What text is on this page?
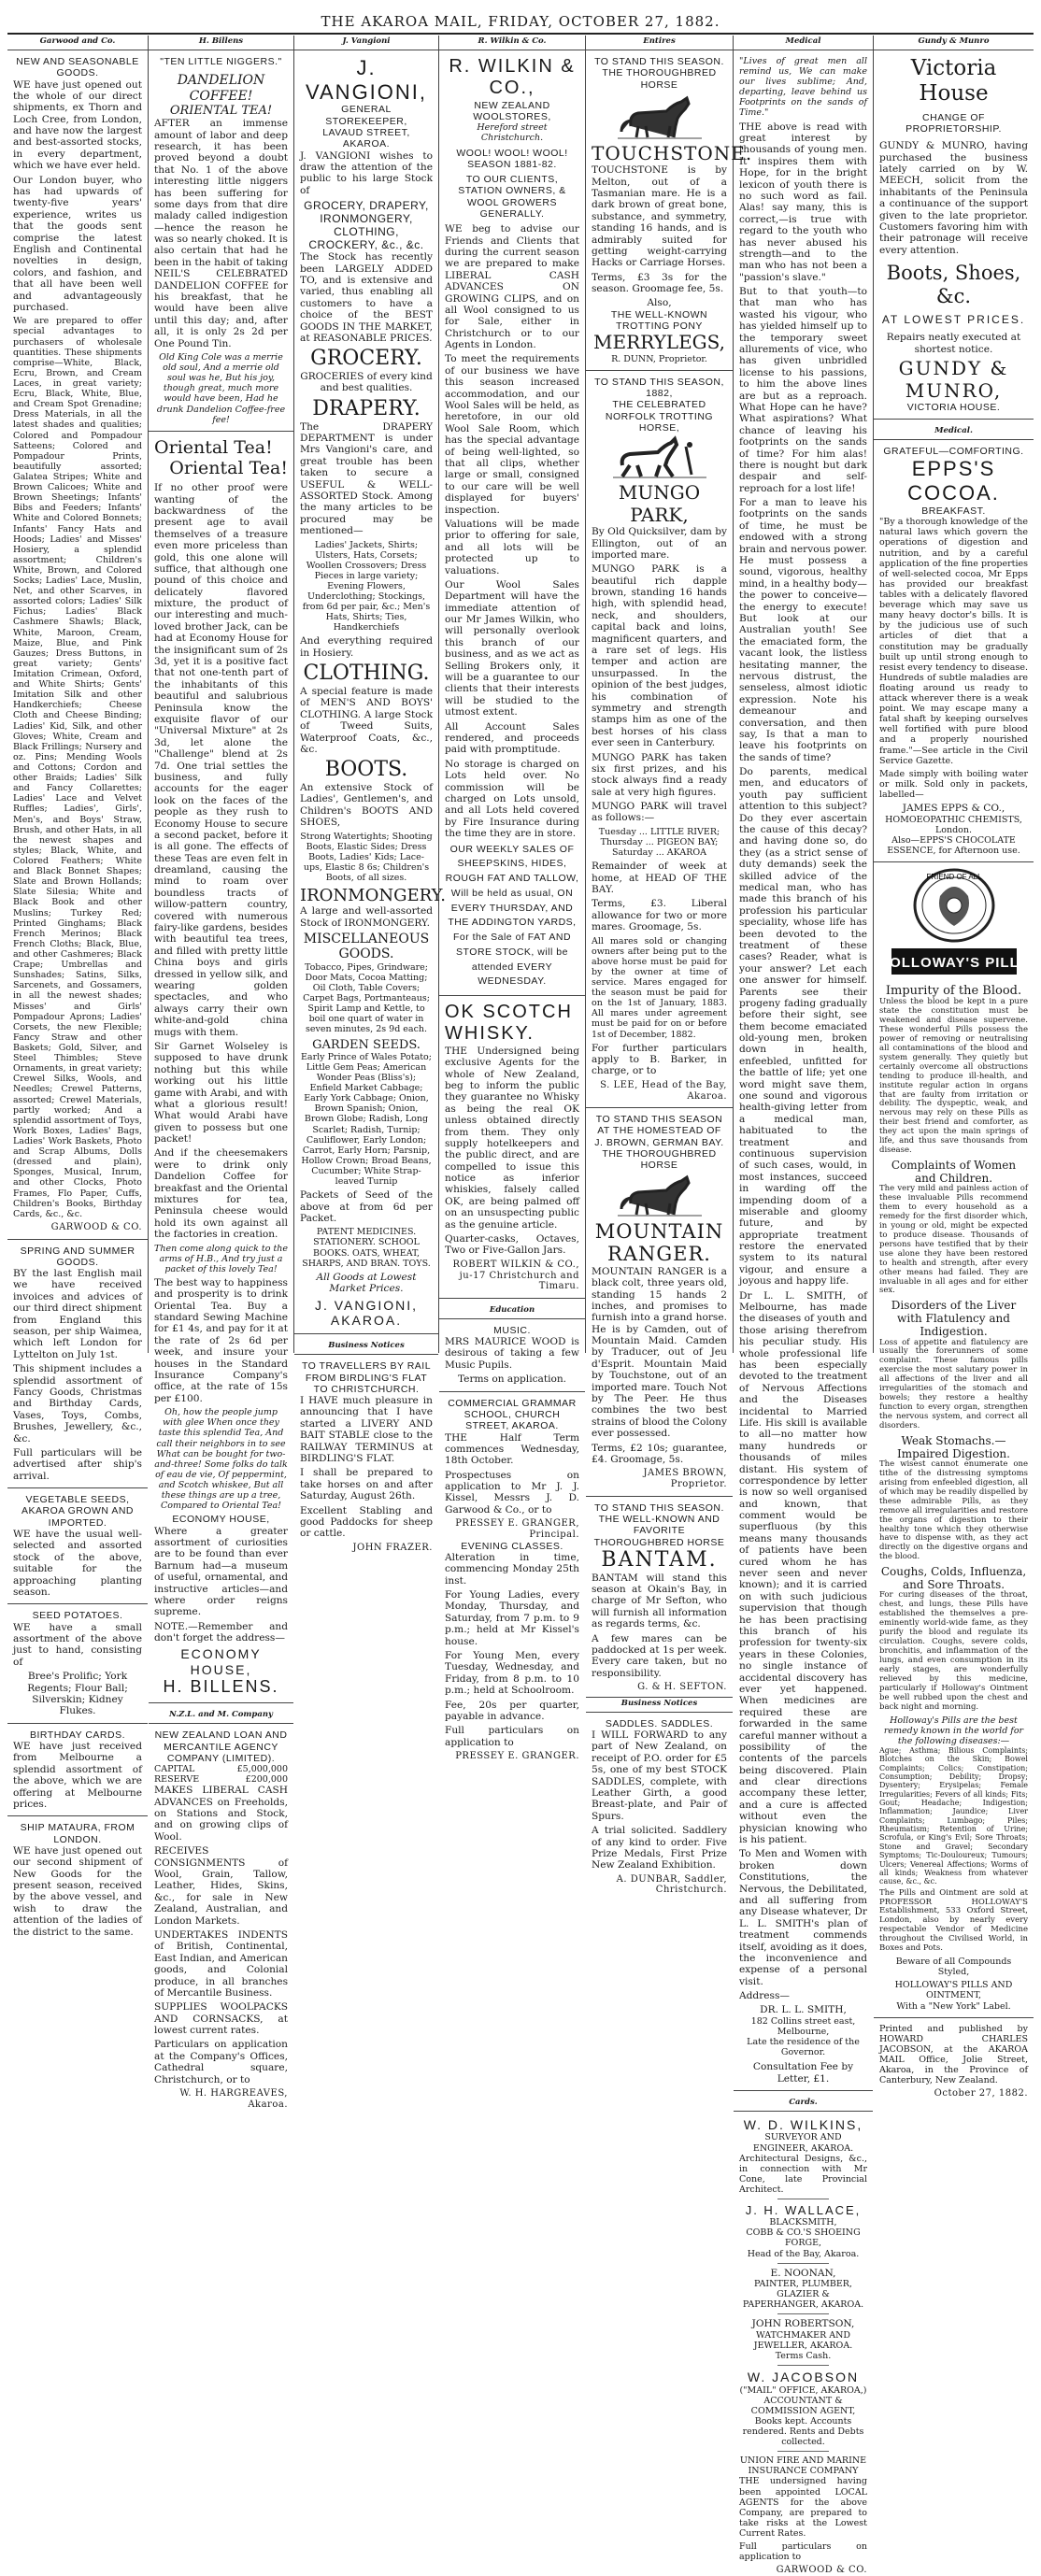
THE AKAROA MAIL, FRIDAY, OCTOBER 27, 1882.
Garwood and Co.
NEW AND SEASONABLE GOODS.

WE have just opened out the whole of our direct shipments, ex Thorn and Loch Cree, from London, and have now the largest and best-assorted stocks, in every department, which we have ever held.

Our London buyer, who has had upwards of twenty-five years' experience, writes us that the goods sent comprise the latest English and Continental novelties in design, colors, and fashion, and that all have been well and advantageously purchased.

We are prepared to offer special advantages to purchasers of wholesale quantities. These shipments comprise—White, Black, Ecru, Brown, and Cream Laces, in great variety; Ecru, Black, White, Blue, and Cream Spot Grenadine; Dress Materials, in all the latest shades and qualities; Colored and Pompadour Satteens; Colored and Pompadour Prints, beautifully assorted; Galatea Stripes; White and Brown Calicoes; White and Brown Sheetings; Infants' Bibs and Feeders; Infants' White and Colored Bonnets; Infants' Fancy Hats and Hoods; Ladies' and Misses' Hosiery, a splendid assortment; Children's White, Brown, and Colored Socks; Ladies' Lace, Muslin, Net, and other Scarves, in assorted colors; Ladies' Silk Fichus; Ladies' Black Cashmere Shawls; Black, White, Maroon, Cream, Maize, Blue, and Pink Gauzes; Dress Buttons, in great variety; Gents' Imitation Crimean, Oxford, and White Shirts; Gents' Imitation Silk and other Handkerchiefs; Cheese Cloth and Cheese Binding; Ladies' Kid, Silk, and other Gloves; White, Cream and Black Frillings; Nursery and oz. Pins; Mending Wools and Cottons; Cordon and other Braids; Ladies' Silk and Fancy Collarettes; Ladies' Lace and Velvet Ruffles; Ladies', Girls', Men's, and Boys' Straw, Brush, and other Hats, in all the newest shapes and styles; Black, White, and Colored Feathers; White and Black Bonnet Shapes; Slate and Brown Hollands; Slate Silesia; White and Black Book and other Muslins; Turkey Red; Printed Ginghams; Black French Merinos; Black French Cloths; Black, Blue, and other Cashmeres; Black Crape; Umbrellas and Sunshades; Satins, Silks, Sarcenets, and Gossamers, in all the newest shades; Misses' and Girls' Pompadour Aprons; Ladies' Corsets, the new Flexible; Fancy Straw and other Baskets; Gold, Silver, and Steel Thimbles; Steve Ornaments, in great variety; Crewel Silks, Wools, and Needles; Crewel Patterns, assorted; Crewel Materials, partly worked; And a splendid assortment of Toys, Work Boxes, Ladies' Bags, Ladies' Work Baskets, Photo and Scrap Albums, Dolls (dressed and plain), Sponges, Musical, Inrum, and other Clocks, Photo Frames, Flo Paper, Cuffs, Children's Books, Birthday Cards, &c., &c.

GARWOOD & CO.
SPRING AND SUMMER GOODS.

BY the last English mail we have received invoices and advices of our third direct shipment from England this season, per ship Waimea, which left London for Lyttelton on July 1st.

This shipment includes a splendid assortment of Fancy Goods, Christmas and Birthday Cards, Vases, Toys, Combs, Brushes, Jewellery, &c., &c.

Full particulars will be advertised after ship's arrival.

VEGETABLE SEEDS, AKAROA GROWN AND IMPORTED.

WE have the usual well-selected and assorted stock of the above, suitable for the approaching planting season.

SEED POTATOES.

WE have a small assortment of the above just to hand, consisting of

Bree's Prolific; York Regents; Flour Ball; Silverskin; Kidney Flukes.

BIRTHDAY CARDS.

WE have just received from Melbourne a splendid assortment of the above, which we are offering at Melbourne prices.

SHIP MATAURA, FROM LONDON.

WE have just opened out our second shipment of New Goods for the present season, received by the above vessel, and wish to draw the attention of the ladies of the district to the same.

H. Billens
"TEN LITTLE NIGGERS."
DANDELION COFFEE!
ORIENTAL TEA!

AFTER an immense amount of labor and deep research, it has been proved beyond a doubt that No. 1 of the above interesting little niggers has been suffering for some days from that dire malady called indigestion—hence the reason he was so nearly choked. It is also certain that had he been in the habit of taking NEIL'S CELEBRATED DANDELION COFFEE for his breakfast, that he would have been alive until this day; and, after all, it is only 2s 2d per One Pound Tin.

Old King Cole was a merrie old soul, And a merrie old soul was he, But his joy, though great, much more would have been, Had he drunk Dandelion Coffee-free fee!

Oriental Tea!
Oriental Tea!

If no other proof were wanting of the backwardness of the present age to avail themselves of a treasure even more priceless than gold, this one alone will suffice, that although one pound of this choice and delicately flavored mixture, the product of our interesting and much-loved brother Jack, can be had at Economy House for the insignificant sum of 2s 3d, yet it is a positive fact that not one-tenth part of the inhabitants of this beautiful and salubrious Peninsula know the exquisite flavor of our "Universal Mixture" at 2s 3d, let alone the "Challenge" blend at 2s 7d. One trial settles the business, and fully accounts for the eager look on the faces of the people as they rush to Economy House to secure a second packet, before it is all gone. The effects of these Teas are even felt in dreamland, causing the mind to roam over boundless tracts of willow-pattern country, covered with numerous fairy-like gardens, besides with beautiful tea trees, and filled with pretty little China boys and girls dressed in yellow silk, and wearing golden spectacles, and who always carry their own white-and-gold china mugs with them.

Sir Garnet Wolseley is supposed to have drunk nothing but this while working out his little game with Arabi, and with what a glorious result! What would Arabi have given to possess but one packet!

And if the cheesemakers were to drink only Dandelion Coffee for breakfast and the Oriental mixtures for tea, Peninsula cheese would hold its own against all the factories in creation.

Then come along quick to the arms of H.B., And try just a packet of this lovely Tea!

The best way to happiness and prosperity is to drink Oriental Tea. Buy a standard Sewing Machine for £1 4s, and pay for it at the rate of 2s 6d per week, and insure your houses in the Standard Insurance Company's office, at the rate of 15s per £100.

Oh, how the people jump with glee When once they taste this splendid Tea, And call their neighbors in to see What can be bought for two-and-three! Some folks do talk of eau de vie, Of peppermint, and Scotch whiskee, But all these things are up a tree, Compared to Oriental Tea!

ECONOMY HOUSE,

Where a greater assortment of curiosities are to be found than ever Barnum had—a museum of useful, ornamental, and instructive articles—and where order reigns supreme.

NOTE.—Remember and don't forget the address—

ECONOMY HOUSE,
H. BILLENS.
N.Z.L. and M. Company
NEW ZEALAND LOAN AND MERCANTILE AGENCY COMPANY (LIMITED).
CAPITAL	£5,000,000
RESERVE	£200,000

MAKES LIBERAL CASH ADVANCES on Freeholds, on Stations and Stock, and on growing clips of Wool.

RECEIVES CONSIGNMENTS of Wool, Grain, Tallow, Leather, Hides, Skins, &c., for sale in New Zealand, Australian, and London Markets.

UNDERTAKES INDENTS of British, Continental, East Indian, and American goods, and Colonial produce, in all branches of Mercantile Business.

SUPPLIES WOOLPACKS AND CORNSACKS, at lowest current rates.

Particulars on application at the Company's Offices, Cathedral square, Christchurch, or to

W. H. HARGREAVES, Akaroa.
J. Vangioni
J. VANGIONI,
GENERAL STOREKEEPER,
LAVAUD STREET, AKAROA.

J. VANGIONI wishes to draw the attention of the public to his large Stock of

GROCERY, DRAPERY, IRONMONGERY, CLOTHING, CROCKERY, &c., &c.

The Stock has recently been LARGELY ADDED TO, and is extensive and varied, thus enabling all customers to have a choice of the BEST GOODS IN THE MARKET, at REASONABLE PRICES.

GROCERY.

GROCERIES of every kind and best qualities.

DRAPERY.

The DRAPERY DEPARTMENT is under Mrs Vangioni's care, and great trouble has been taken to secure a USEFUL & WELL-ASSORTED Stock. Among the many articles to be procured may be mentioned—

Ladies' Jackets, Shirts; Ulsters, Hats, Corsets; Woollen Crossovers; Dress Pieces in large variety; Evening Flowers, Underclothing; Stockings, from 6d per pair, &c.; Men's Hats, Shirts; Ties, Handkerchiefs

And everything required in Hosiery.

CLOTHING.

A special feature is made of MEN'S AND BOYS' CLOTHING. A large Stock of Tweed Suits, Waterproof Coats, &c., &c.

BOOTS.

An extensive Stock of Ladies', Gentlemen's, and Children's BOOTS AND SHOES,

Strong Watertights; Shooting Boots, Elastic Sides; Dress Boots, Ladies' Kids; Lace-ups, Elastic 8 6s; Children's Boots, of all sizes.

IRONMONGERY.

A large and well-assorted Stock of IRONMONGERY.

MISCELLANEOUS GOODS.

Tobacco, Pipes, Grindware; Door Mats, Cocoa Matting; Oil Cloth, Table Covers; Carpet Bags, Portmanteaus; Spirit Lamp and Kettle, to boil one quart of water in seven minutes, 2s 9d each.

GARDEN SEEDS.

Early Prince of Wales Potato; Little Gem Peas; American Wonder Peas (Bliss's); Enfield Market Cabbage; Early York Cabbage; Onion, Brown Spanish; Onion, Brown Globe; Radish, Long Scarlet; Radish, Turnip; Cauliflower, Early London; Carrot, Early Horn; Parsnip, Hollow Crown; Broad Beans, Cucumber; White Strap-leaved Turnip

Packets of Seed of the above at from 6d per Packet.

PATENT MEDICINES. STATIONERY. SCHOOL BOOKS. OATS, WHEAT, SHARPS, AND BRAN. TOYS.

All Goods at Lowest Market Prices.

J. VANGIONI, AKAROA.
Business Notices
TO TRAVELLERS BY RAIL FROM BIRDLING'S FLAT TO CHRISTCHURCH.

I HAVE much pleasure in announcing that I have started a LIVERY AND BAIT STABLE close to the RAILWAY TERMINUS at BIRDLING'S FLAT.

I shall be prepared to take horses on and after Saturday, August 26th.

Excellent Stabling and good Paddocks for sheep or cattle.

JOHN FRAZER.
R. Wilkin & Co.
R. WILKIN & CO.,
NEW ZEALAND WOOLSTORES,
Hereford street Christchurch.
WOOL! WOOL! WOOL!
SEASON 1881-82.
TO OUR CLIENTS, STATION OWNERS, & WOOL GROWERS GENERALLY.

WE beg to advise our Friends and Clients that during the current season we are prepared to make LIBERAL CASH ADVANCES ON GROWING CLIPS, and on all Wool consigned to us for Sale, either in Christchurch or to our Agents in London.

To meet the requirements of our business we have this season increased accommodation, and our Wool Sales will be held, as heretofore, in our old Wool Sale Room, which has the special advantage of being well-lighted, so that all clips, whether large or small, consigned to our care will be well displayed for buyers' inspection.

Valuations will be made prior to offering for sale, and all lots will be protected up to valuations.

Our Wool Sales Department will have the immediate attention of our Mr James Wilkin, who will personally overlook this branch of our business, and as we act as Selling Brokers only, it will be a guarantee to our clients that their interests will be studied to the utmost extent.

All Account Sales rendered, and proceeds paid with promptitude.

No storage is charged on Lots held over. No commission will be charged on Lots unsold, and all Lots held covered by Fire Insurance during the time they are in store.

OUR WEEKLY SALES OF SHEEPSKINS, HIDES, ROUGH FAT AND TALLOW, Will be held as usual, ON EVERY THURSDAY, AND THE ADDINGTON YARDS, For the Sale of FAT AND STORE STOCK, will be attended EVERY WEDNESDAY.
OK SCOTCH WHISKY.

THE Undersigned being exclusive Agents for the whole of New Zealand, beg to inform the public they guarantee no Whisky as being the real OK unless obtained directly from them. They only supply hotelkeepers and the public direct, and are compelled to issue this notice as inferior whiskies, falsely called OK, are being palmed off on an unsuspecting public as the genuine article.

Quarter-casks, Octaves, Two or Five-Gallon Jars.

ROBERT WILKIN & CO., ju-17 Christchurch and Timaru.
Education
MUSIC.

MRS MAURICE WOOD is desirous of taking a few Music Pupils.

Terms on application.

COMMERCIAL GRAMMAR SCHOOL, CHURCH STREET, AKAROA.

THE Half Term commences Wednesday, 18th October.

Prospectuses on application to Mr J. J. Kissel, Messrs J. D. Garwood & Co., or to

PRESSEY E. GRANGER, Principal.
EVENING CLASSES.

Alteration in time, commencing Monday 25th inst.

For Young Ladies, every Monday, Thursday, and Saturday, from 7 p.m. to 9 p.m.; held at Mr Kissel's house.

For Young Men, every Tuesday, Wednesday, and Friday, from 8 p.m. to 10 p.m.; held at Schoolroom.

Fee, 20s per quarter, payable in advance.

Full particulars on application to

PRESSEY E. GRANGER.
Entires
TO STAND THIS SEASON.
THE THOROUGHBRED HORSE
TOUCHSTONE.

TOUCHSTONE is by Melton, out of a Tasmanian mare. He is a dark brown of great bone, substance, and symmetry, standing 16 hands, and is admirably suited for getting weight-carrying Hacks or Carriage Horses.

Terms, £3 3s for the season. Groomage fee, 5s.

Also,
THE WELL-KNOWN TROTTING PONY
MERRYLEGS,
R. DUNN, Proprietor.
TO STAND THIS SEASON, 1882,
THE CELEBRATED NORFOLK TROTTING HORSE,
MUNGO PARK,

By Old Quicksilver, dam by Ellington, out of an imported mare.

MUNGO PARK is a beautiful rich dapple brown, standing 16 hands high, with splendid head, neck, and shoulders, capital back and loins, magnificent quarters, and a rare set of legs. His temper and action are unsurpassed. In the opinion of the best judges, his combination of symmetry and strength stamps him as one of the best horses of his class ever seen in Canterbury.

MUNGO PARK has taken six first prizes, and his stock always find a ready sale at very high figures.

MUNGO PARK will travel as follows:—

Tuesday ... LITTLE RIVER; Thursday ... PIGEON BAY; Saturday ... AKAROA

Remainder of week at home, at HEAD OF THE BAY.

Terms, £3. Liberal allowance for two or more mares. Groomage, 5s.

All mares sold or changing owners after being put to the above horse must be paid for by the owner at time of service. Mares engaged for the season must be paid for on the 1st of January, 1883. All mares under agreement must be paid for on or before 1st of December, 1882.

For further particulars apply to B. Barker, in charge, or to

S. LEE, Head of the Bay, Akaroa.
TO STAND THIS SEASON AT THE HOMESTEAD OF J. BROWN, GERMAN BAY.
THE THOROUGHBRED HORSE
MOUNTAIN RANGER.

MOUNTAIN RANGER is a black colt, three years old, standing 15 hands 2 inches, and promises to furnish into a grand horse. He is by Camden, out of Mountain Maid. Camden by Traducer, out of Jeu d'Esprit. Mountain Maid by Touchstone, out of an imported mare. Touch Not by The Peer. He thus combines the two best strains of blood the Colony ever possessed.

Terms, £2 10s; guarantee, £4. Groomage, 5s.

JAMES BROWN, Proprietor.
TO STAND THIS SEASON.
THE WELL-KNOWN AND FAVORITE THOROUGHBRED HORSE
BANTAM.

BANTAM will stand this season at Okain's Bay, in charge of Mr Sefton, who will furnish all information as regards terms, &c.

A few mares can be paddocked at 1s per week. Every care taken, but no responsibility.

G. & H. SEFTON.
Business Notices
SADDLES. SADDLES.

I WILL FORWARD to any part of New Zealand, on receipt of P.O. order for £5 5s, one of my best STOCK SADDLES, complete, with Leather Girth, a good Breast-plate, and Pair of Spurs.

A trial solicited. Saddlery of any kind to order. Five Prize Medals, First Prize New Zealand Exhibition.

A. DUNBAR, Saddler, Christchurch.
Medical

"Lives of great men all remind us, We can make our lives sublime; And, departing, leave behind us Footprints on the sands of Time."

THE above is read with great interest by thousands of young men. It inspires them with Hope, for in the bright lexicon of youth there is no such word as fail. Alas! say many, this is correct,—is true with regard to the youth who has never abused his strength—and to the man who has not been a "passion's slave."

But to that youth—to that man who has wasted his vigour, who has yielded himself up to the temporary sweet allurements of vice, who has given unbridled license to his passions, to him the above lines are but as a reproach. What Hope can he have? What aspirations? What chance of leaving his footprints on the sands of time? For him alas! there is nought but dark despair and self-reproach for a lost life!

For a man to leave his footprints on the sands of time, he must be endowed with a strong brain and nervous power. He must possess a sound, vigorous, healthy mind, in a healthy body—the power to conceive—the energy to execute! But look at our Australian youth! See the emaciated form, the vacant look, the listless hesitating manner, the nervous distrust, the senseless, almost idiotic expression. Note his demeanour and conversation, and then say, Is that a man to leave his footprints on the sands of time?

Do parents, medical men, and educators of youth pay sufficient attention to this subject? Do they ever ascertain the cause of this decay? and having done so, do they (as a strict sense of duty demands) seek the skilled advice of the medical man, who has made this branch of his profession his particular speciality, whose life has been devoted to the treatment of these cases? Reader, what is your answer? Let each one answer for himself. Parents see their progeny fading gradually before their sight, see them become emaciated old-young men, broken down in health, enfeebled, unfitted for the battle of life; yet one word might save them, one sound and vigorous health-giving letter from a medical man, habituated to the treatment and continuous supervision of such cases, would, in most instances, succeed in warding off the impending doom of a miserable and gloomy future, and by appropriate treatment restore the enervated system to its natural vigour, and ensure a joyous and happy life.

Dr L. L. SMITH, of Melbourne, has made the diseases of youth and those arising therefrom his peculiar study. His whole professional life has been especially devoted to the treatment of Nervous Affections and the Diseases incidental to Married Life. His skill is available to all—no matter how many hundreds or thousands of miles distant. His system of correspondence by letter is now so well organised and known, that comment would be superfluous (by this means many thousands of patients have been cured whom he has never seen and never known); and it is carried on with such judicious supervision that though he has been practising this branch of his profession for twenty-six years in these Colonies, no single instance of accidental discovery has ever yet happened. When medicines are required these are forwarded in the same careful manner without a possibility of the contents of the parcels being discovered. Plain and clear directions accompany these letter, and a cure is affected without even the physician knowing who is his patient.

To Men and Women with broken down Constitutions, the Nervous, the Debilitated, and all suffering from any Disease whatever, Dr L. L. SMITH's plan of treatment commends itself, avoiding as it does, the inconvenience and expense of a personal visit.

Address—

DR. L. L. SMITH,
182 Collins street east, Melbourne,
Late the residence of the Governor.

Consultation Fee by Letter, £1.

Cards.
W. D. WILKINS,
SURVEYOR AND ENGINEER, AKAROA.

Architectural Designs, &c., in connection with Mr Cone, late Provincial Architect.

J. H. WALLACE,
BLACKSMITH,
COBB & CO.'S SHOEING FORGE,
Head of the Bay, Akaroa.
E. NOONAN,
PAINTER, PLUMBER, GLAZIER & PAPERHANGER, AKAROA.
JOHN ROBERTSON,
WATCHMAKER AND JEWELLER, AKAROA.
Terms Cash.
W. JACOBSON
("MAIL" OFFICE, AKAROA,)
ACCOUNTANT & COMMISSION AGENT,

Books kept. Accounts rendered. Rents and Debts collected.

UNION FIRE AND MARINE INSURANCE COMPANY

THE undersigned having been appointed LOCAL AGENTS for the above Company, are prepared to take risks at the Lowest Current Rates.

Full particulars on application to

GARWOOD & CO.
Gundy & Munro
Victoria House
CHANGE OF PROPRIETORSHIP.

GUNDY & MUNRO, having purchased the business lately carried on by W. MEECH, solicit from the inhabitants of the Peninsula a continuance of the support given to the late proprietor. Customers favoring him with their patronage will receive every attention.

Boots, Shoes, &c.
AT LOWEST PRICES.

Repairs neatly executed at shortest notice.

GUNDY & MUNRO,
VICTORIA HOUSE.
Medical.
GRATEFUL—COMFORTING.
EPPS'S COCOA.
BREAKFAST.

"By a thorough knowledge of the natural laws which govern the operations of digestion and nutrition, and by a careful application of the fine properties of well-selected cocoa, Mr Epps has provided our breakfast tables with a delicately flavored beverage which may save us many heavy doctor's bills. It is by the judicious use of such articles of diet that a constitution may be gradually built up until strong enough to resist every tendency to disease. Hundreds of subtle maladies are floating around us ready to attack wherever there is a weak point. We may escape many a fatal shaft by keeping ourselves well fortified with pure blood and a properly nourished frame."—See article in the Civil Service Gazette.

Made simply with boiling water or milk. Sold only in packets, labelled—

JAMES EPPS & CO.,
HOMOEOPATHIC CHEMISTS,
London.

Also—EPPS'S CHOCOLATE ESSENCE, for Afternoon use.

FRIEND OF ALL
HOLLOWAY'S PILLS
Impurity of the Blood.

Unless the blood be kept in a pure state the constitution must be weakened and disease supervene. These wonderful Pills possess the power of removing or neutralising all contaminations of the blood and system generally. They quietly but certainly overcome all obstructions tending to produce ill-health, and institute regular action in organs that are faulty from irritation or debility. The dyspeptic, weak, and nervous may rely on these Pills as their best friend and comforter, as they act upon the main springs of life, and thus save thousands from disease.

Complaints of Women and Children.

The very mild and painless action of these invaluable Pills recommend them to every household as a remedy for the first disorder which, in young or old, might be expected to produce disease. Thousands of persons have testified that by their use alone they have been restored to health and strength, after every other means had failed. They are invaluable in all ages and for either sex.

Disorders of the Liver with Flatulency and Indigestion.

Loss of appetite and flatulency are usually the forerunners of some complaint. These famous pills exercise the most salutary power in all affections of the liver and all irregularities of the stomach and bowels; they restore a healthy function to every organ, strengthen the nervous system, and correct all disorders.

Weak Stomachs.—Impaired Digestion.

The wisest cannot enumerate one tithe of the distressing symptoms arising from enfeebled digestion, all of which may be readily dispelled by these admirable Pills, as they remove all irregularities and restore the organs of digestion to their healthy tone which they otherwise have to dispense with, as they act directly on the digestive organs and the blood.

Coughs, Colds, Influenza, and Sore Throats.

For curing diseases of the throat, chest, and lungs, these Pills have established the themselves a pre-eminently world-wide fame, as they purify the blood and regulate its circulation. Coughs, severe colds, bronchitis, and inflammation of the lungs, and even consumption in its early stages, are wonderfully relieved by this medicine, particularly if Holloway's Ointment be well rubbed upon the chest and back night and morning.

Holloway's Pills are the best remedy known in the world for the following diseases:—

Ague; Asthma; Bilious Complaints; Blotches on the Skin; Bowel Complaints; Colics; Constipation; Consumption; Debility; Dropsy; Dysentery; Erysipelas; Female Irregularities; Fevers of all kinds; Fits; Gout; Headache; Indigestion; Inflammation; Jaundice; Liver Complaints; Lumbago; Piles; Rheumatism; Retention of Urine; Scrofula, or King's Evil; Sore Throats; Stone and Gravel; Secondary Symptoms; Tic-Douloureux; Tumours; Ulcers; Venereal Affections; Worms of all kinds; Weakness from whatever cause, &c., &c.

The Pills and Ointment are sold at PROFESSOR HOLLOWAY'S Establishment, 533 Oxford Street, London, also by nearly every respectable Vendor of Medicine throughout the Civilised World, in Boxes and Pots.

Beware of all Compounds Styled,

HOLLOWAY'S PILLS AND OINTMENT,

With a "New York" Label.

Printed and published by HOWARD CHARLES JACOBSON, at the AKAROA MAIL Office, Jolie Street, Akaroa, in the Province of Canterbury, New Zealand.

October 27, 1882.
